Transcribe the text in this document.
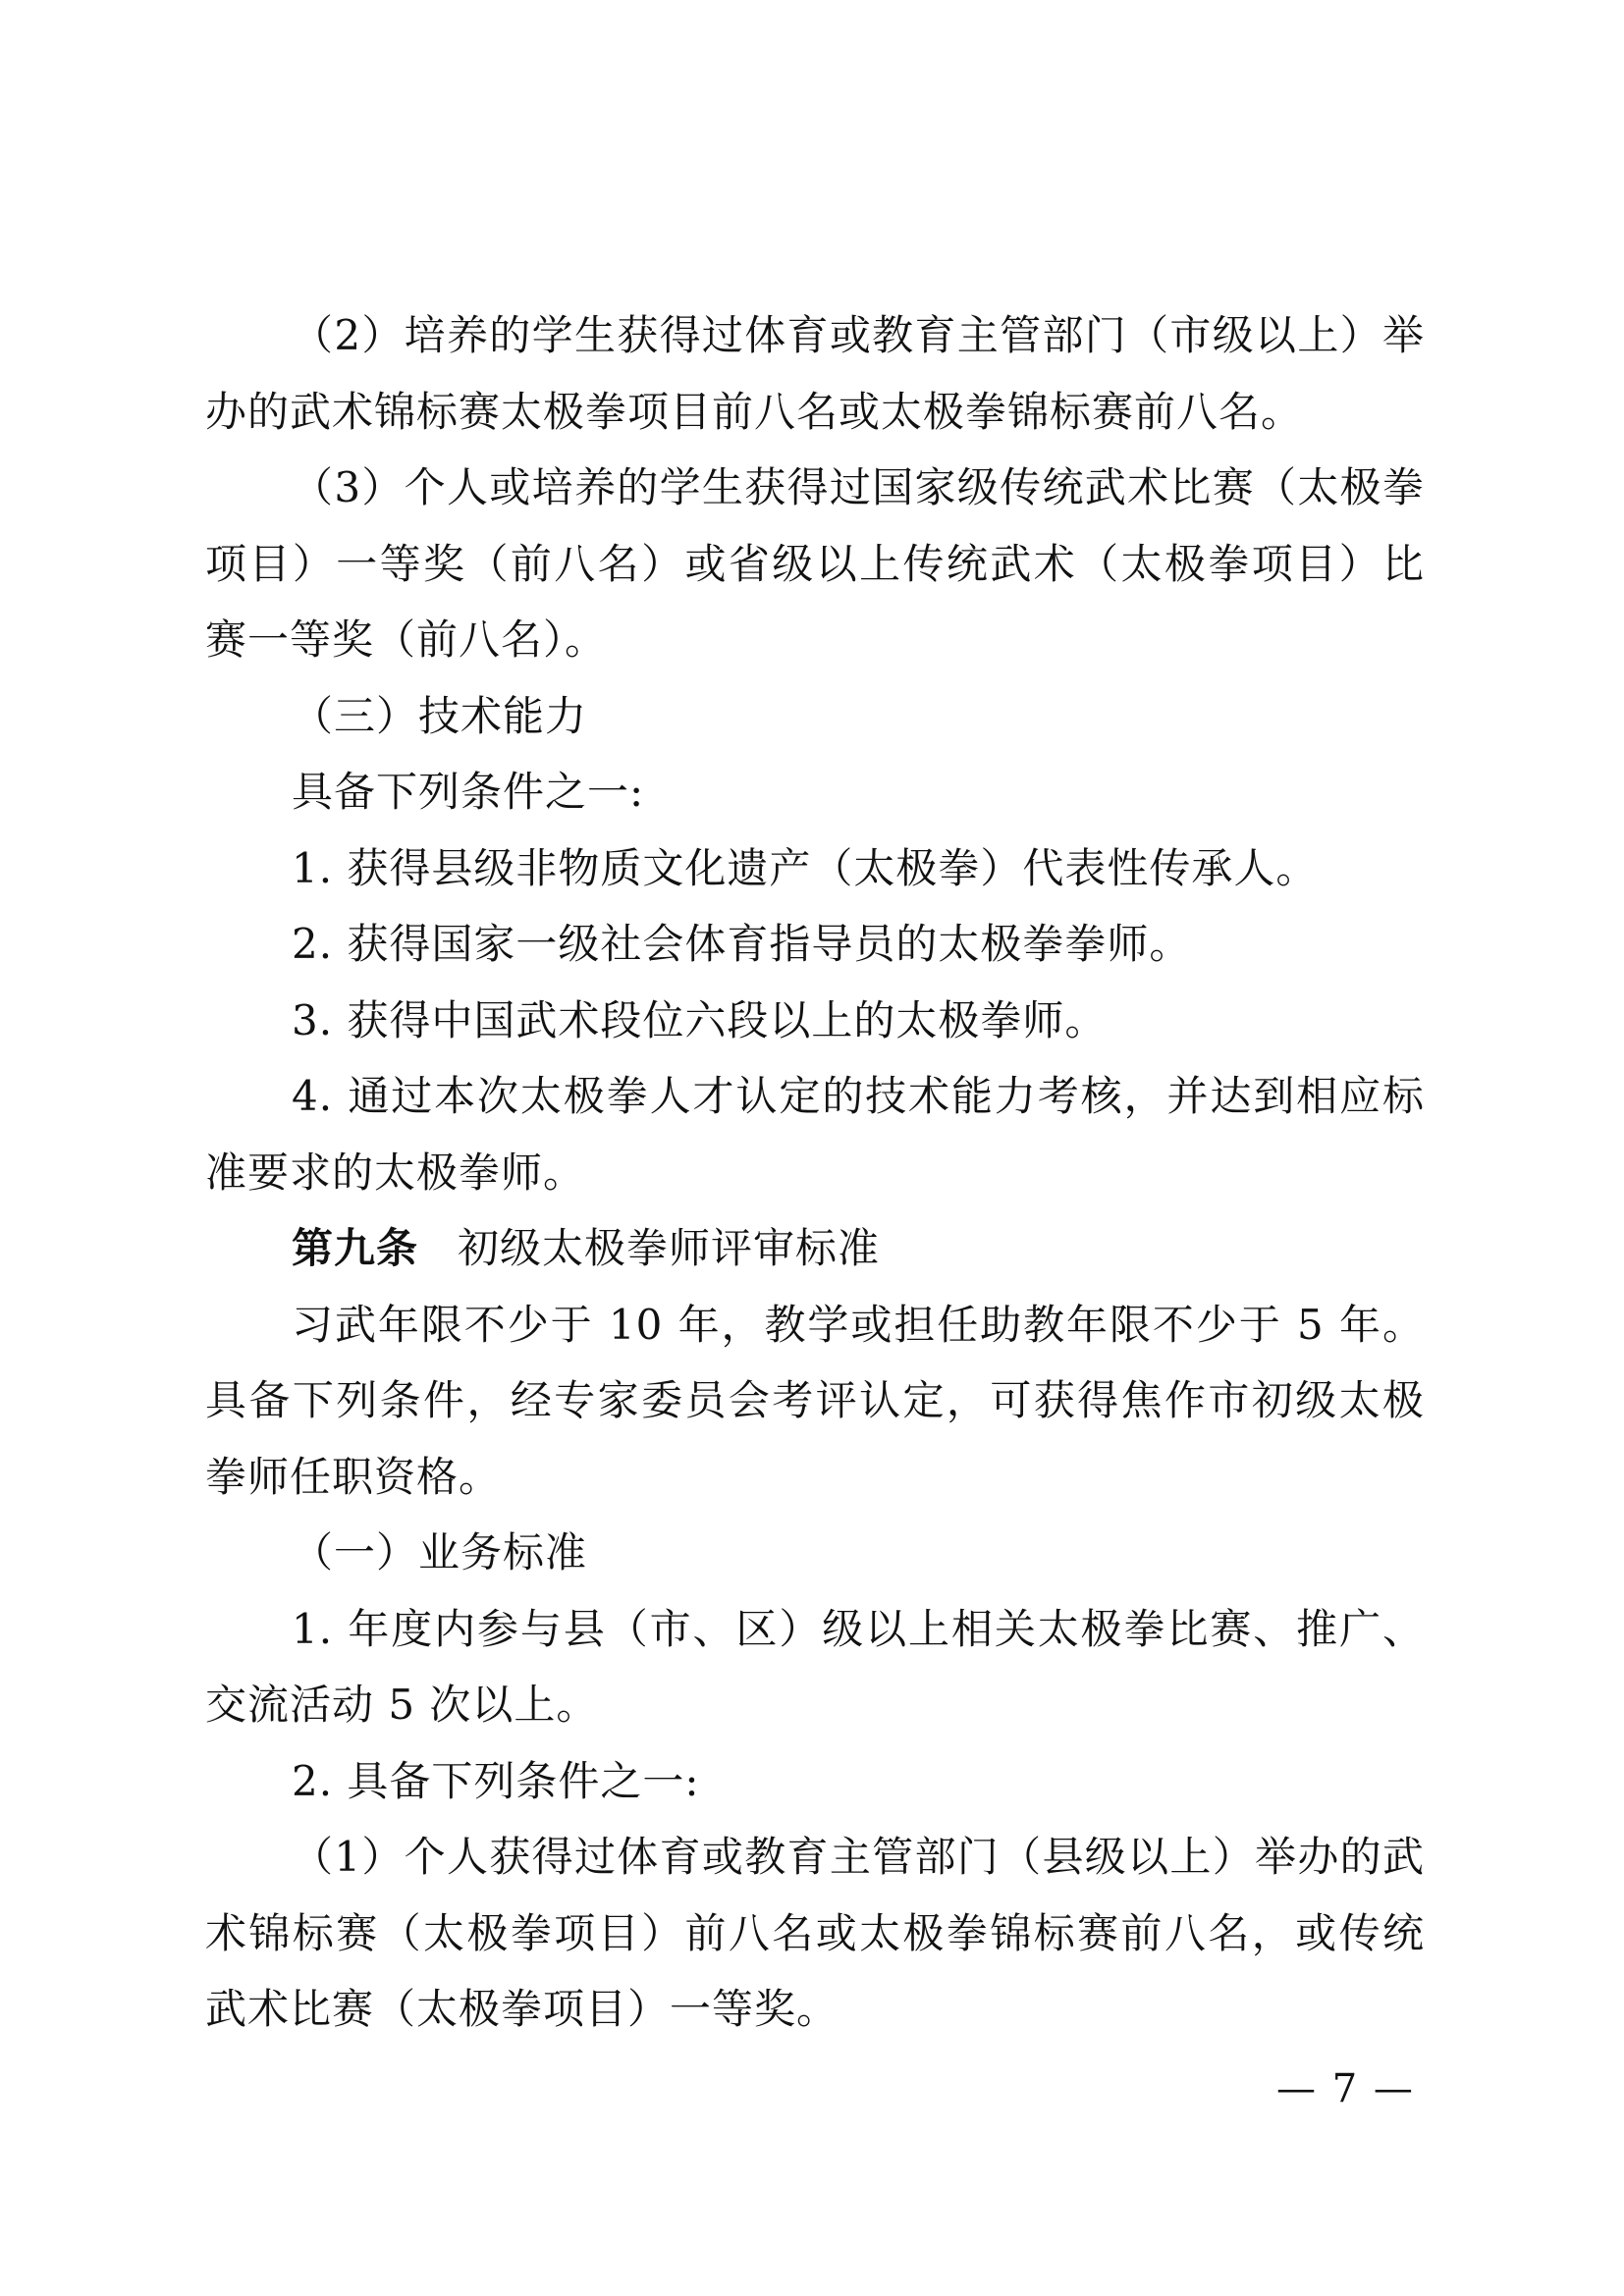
（2）培养的学生获得过体育或教育主管部门（市级以上）举办的武术锦标赛太极拳项目前八名或太极拳锦标赛前八名。

（3）个人或培养的学生获得过国家级传统武术比赛（太极拳项目）一等奖（前八名）或省级以上传统武术（太极拳项目）比赛一等奖（前八名）。

（三）技术能力

具备下列条件之一:

1. 获得县级非物质文化遗产（太极拳）代表性传承人。

2. 获得国家一级社会体育指导员的太极拳拳师。

3. 获得中国武术段位六段以上的太极拳师。

4. 通过本次太极拳人才认定的技术能力考核，并达到相应标准要求的太极拳师。

第九条 初级太极拳师评审标准

习武年限不少于 10 年，教学或担任助教年限不少于 5 年。具备下列条件，经专家委员会考评认定，可获得焦作市初级太极拳师任职资格。

（一）业务标准

1. 年度内参与县（市、区）级以上相关太极拳比赛、推广、交流活动 5 次以上。

2. 具备下列条件之一:

（1）个人获得过体育或教育主管部门（县级以上）举办的武术锦标赛（太极拳项目）前八名或太极拳锦标赛前八名，或传统武术比赛（太极拳项目）一等奖。

— 7 —
